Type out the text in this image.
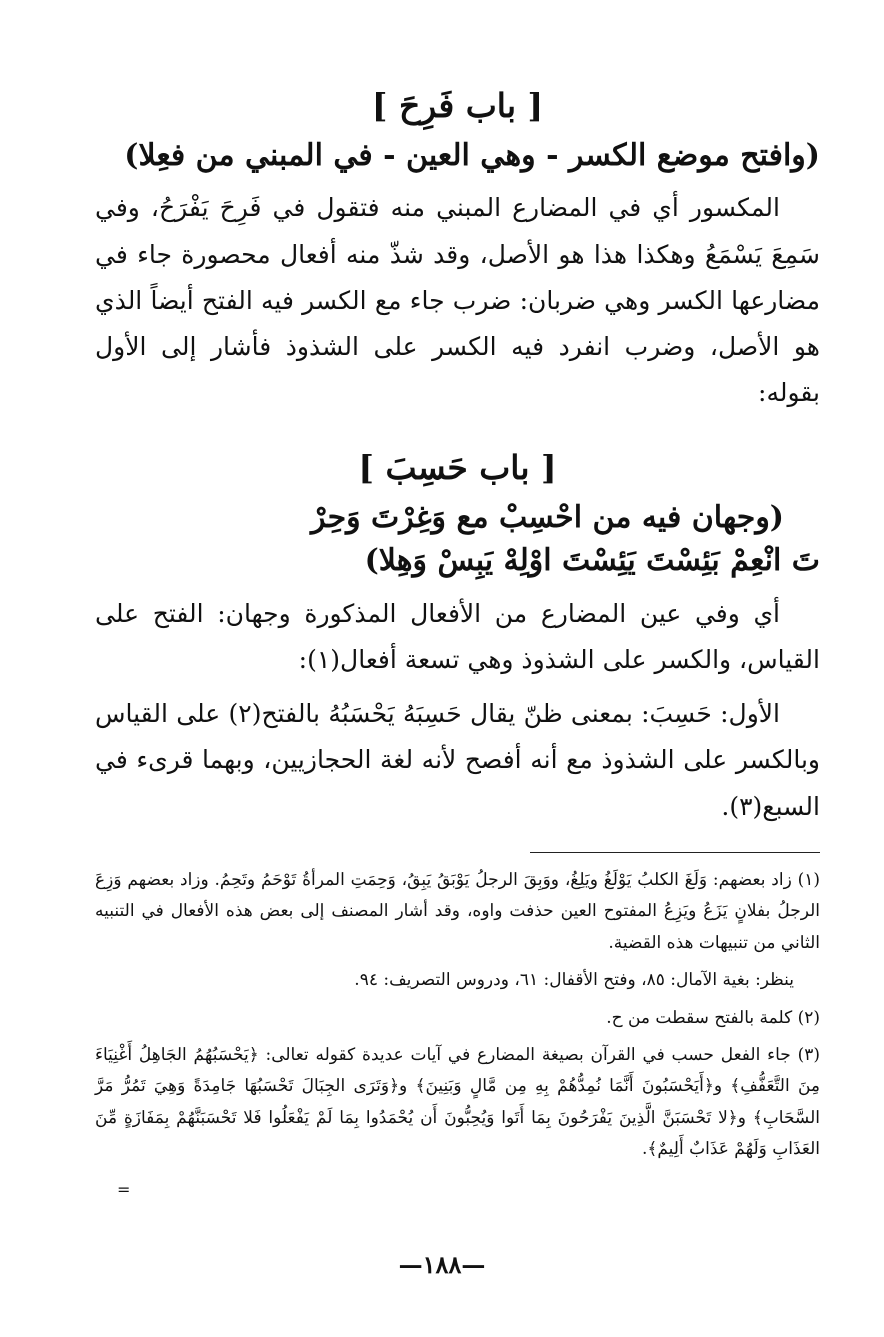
[ باب فَرِحَ ]

(وافتح موضع الكسر - وهي العين - في المبني من فعِلا)

المكسور أي في المضارع المبني منه فتقول في فَرِحَ يَفْرَحُ، وفي سَمِعَ يَسْمَعُ وهكذا هذا هو الأصل، وقد شذّ منه أفعال محصورة جاء في مضارعها الكسر وهي ضربان: ضرب جاء مع الكسر فيه الفتح أيضاً الذي هو الأصل، وضرب انفرد فيه الكسر على الشذوذ فأشار إلى الأول بقوله:

[ باب حَسِبَ ]

(وجهان فيه من احْسِبْ مع وَغِرْتَ وَحِرْ

تَ انْعِمْ بَئِسْتَ يَئِسْتَ اوْلِهْ يَبِسْ وَهِلا)

أي وفي عين المضارع من الأفعال المذكورة وجهان: الفتح على القياس، والكسر على الشذوذ وهي تسعة أفعال(١):

الأول: حَسِبَ: بمعنى ظنّ يقال حَسِبَهُ يَحْسَبُهُ بالفتح(٢) على القياس وبالكسر على الشذوذ مع أنه أفصح لأنه لغة الحجازيين، وبهما قرىء في السبع(٣).

(١) زاد بعضهم: وَلَغَ الكلبُ يَوْلَغُ ويَلِغُ، ووَبِقَ الرجلُ يَوْبَقُ يَبِقُ، وَحِمَتِ المرأةُ تَوْحَمُ وتَحِمُ. وزاد بعضهم وَزِعَ الرجلُ بفلانٍ يَزَعُ ويَزِعُ المفتوح العين حذفت واوه، وقد أشار المصنف إلى بعض هذه الأفعال في التنبيه الثاني من تنبيهات هذه القضية.

ينظر: بغية الآمال: ٨٥، وفتح الأقفال: ٦١، ودروس التصريف: ٩٤.

(٢) كلمة بالفتح سقطت من ح.

(٣) جاء الفعل حسب في القرآن بصيغة المضارع في آيات عديدة كقوله تعالى: ﴿يَحْسَبُهُمُ الجَاهِلُ أَغْنِيَاءَ مِنَ التَّعَفُّفِ﴾ و﴿أَيَحْسَبُونَ أَنَّمَا نُمِدُّهُمْ بِهِ مِن مَّالٍ وَبَنِينَ﴾ و﴿وَتَرَى الجِبَالَ تَحْسَبُهَا جَامِدَةً وَهِيَ تَمُرُّ مَرَّ السَّحَابِ﴾ و﴿لا تَحْسَبَنَّ الَّذِينَ يَفْرَحُونَ بِمَا أَتَوا وَيُحِبُّونَ أَن يُحْمَدُوا بِمَا لَمْ يَفْعَلُوا فَلا تَحْسَبَنَّهُمْ بِمَفَازَةٍ مِّنَ العَذَابِ وَلَهُمْ عَذَابٌ أَلِيمٌ﴾.

=
—١٨٨—
